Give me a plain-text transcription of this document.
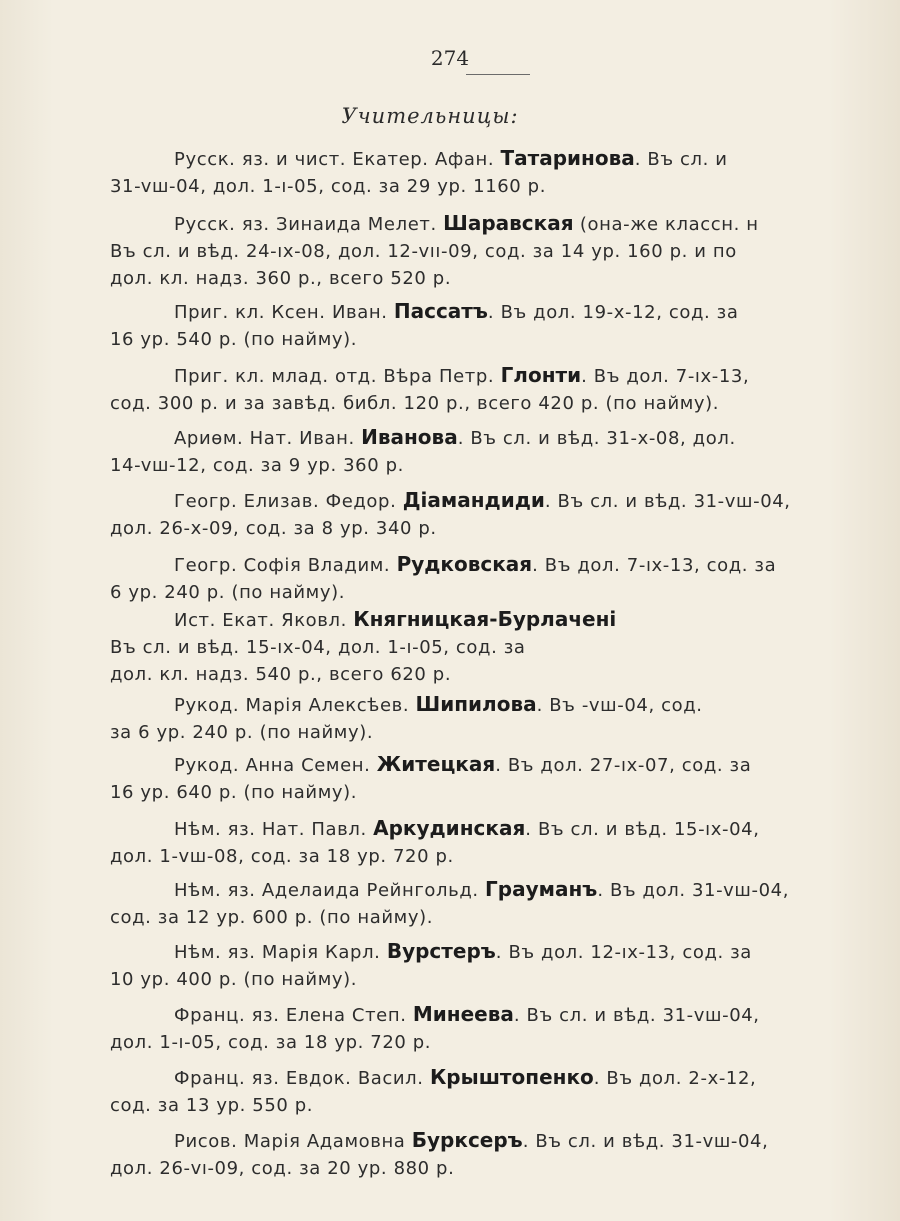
274
Учительницы:
Русск. яз. и чист. Екатер. Афан. Татаринова. Въ сл. и
31-vш-04, дол. 1-ı-05, сод. за 29 ур. 1160 р.
Русск. яз. Зинаида Мелет. Шаравская (она-же классн. н
Въ сл. и вѣд. 24-ıx-08, дол. 12-vıı-09, сод. за 14 ур. 160 р. и по
дол. кл. надз. 360 р., всего 520 р.
Приг. кл. Ксен. Иван. Пассатъ. Въ дол. 19-х-12, сод. за
16 ур. 540 р. (по найму).
Приг. кл. млад. отд. Вѣра Петр. Глонти. Въ дол. 7-ıx-13,
сод. 300 р. и за завѣд. библ. 120 р., всего 420 р. (по найму).
Ариѳм. Нат. Иван. Иванова. Въ сл. и вѣд. 31-х-08, дол.
14-vш-12, сод. за 9 ур. 360 р.
Геогр. Елизав. Федор. Діамандиди. Въ сл. и вѣд. 31-vш-04,
дол. 26-х-09, сод. за 8 ур. 340 р.
Геогр. Софія Владим. Рудковская. Въ дол. 7-ıx-13, сод. за
6 ур. 240 р. (по найму).
Ист. Екат. Яковл. Княгницкая-Бурлачені
Въ сл. и вѣд. 15-ıx-04, дол. 1-ı-05, сод. за
дол. кл. надз. 540 р., всего 620 р.
Рукод. Марія Алексѣев. Шипилова. Въ -vш-04, сод.
за 6 ур. 240 р. (по найму).
Рукод. Анна Семен. Житецкая. Въ дол. 27-ıx-07, сод. за
16 ур. 640 р. (по найму).
Нѣм. яз. Нат. Павл. Аркудинская. Въ сл. и вѣд. 15-ıx-04,
дол. 1-vш-08, сод. за 18 ур. 720 р.
Нѣм. яз. Аделаида Рейнгольд. Грауманъ. Въ дол. 31-vш-04,
сод. за 12 ур. 600 р. (по найму).
Нѣм. яз. Марія Карл. Вурстеръ. Въ дол. 12-ıx-13, сод. за
10 ур. 400 р. (по найму).
Франц. яз. Елена Степ. Минеева. Въ сл. и вѣд. 31-vш-04,
дол. 1-ı-05, сод. за 18 ур. 720 р.
Франц. яз. Евдок. Васил. Крыштопенко. Въ дол. 2-х-12,
сод. за 13 ур. 550 р.
Рисов. Марія Адамовна Бурксеръ. Въ сл. и вѣд. 31-vш-04,
дол. 26-vı-09, сод. за 20 ур. 880 р.
